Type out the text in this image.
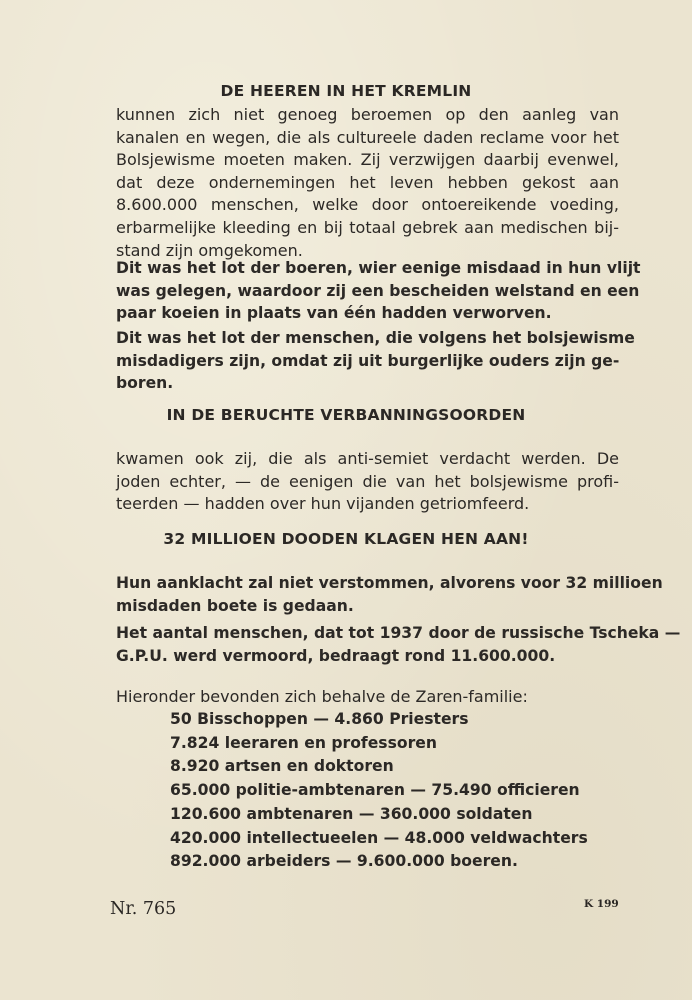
DE HEEREN IN HET KREMLIN
kunnen zich niet genoeg beroemen op den aanleg van
kanalen en wegen, die als cultureele daden reclame voor het
Bolsjewisme moeten maken. Zij verzwijgen daarbij evenwel,
dat deze ondernemingen het leven hebben gekost aan
8.600.000 menschen, welke door ontoereikende voeding,
erbarmelijke kleeding en bij totaal gebrek aan medischen bij-
stand zijn omgekomen.
Dit was het lot der boeren, wier eenige misdaad in hun vlijt
was gelegen, waardoor zij een bescheiden welstand en een
paar koeien in plaats van één hadden verworven.
Dit was het lot der menschen, die volgens het bolsjewisme
misdadigers zijn, omdat zij uit burgerlijke ouders zijn ge-
boren.
IN DE BERUCHTE VERBANNINGSOORDEN
kwamen ook zij, die als anti-semiet verdacht werden. De
joden echter, — de eenigen die van het bolsjewisme profi-
teerden — hadden over hun vijanden getriomfeerd.
32 MILLIOEN DOODEN KLAGEN HEN AAN!
Hun aanklacht zal niet verstommen, alvorens voor 32 millioen
misdaden boete is gedaan.
Het aantal menschen, dat tot 1937 door de russische Tscheka —
G.P.U. werd vermoord, bedraagt rond 11.600.000.
Hieronder bevonden zich behalve de Zaren-familie:
50 Bisschoppen — 4.860 Priesters
7.824 leeraren en professoren
8.920 artsen en doktoren
65.000 politie-ambtenaren — 75.490 officieren
120.600 ambtenaren — 360.000 soldaten
420.000 intellectueelen — 48.000 veldwachters
892.000 arbeiders — 9.600.000 boeren.
Nr. 765	K 199
